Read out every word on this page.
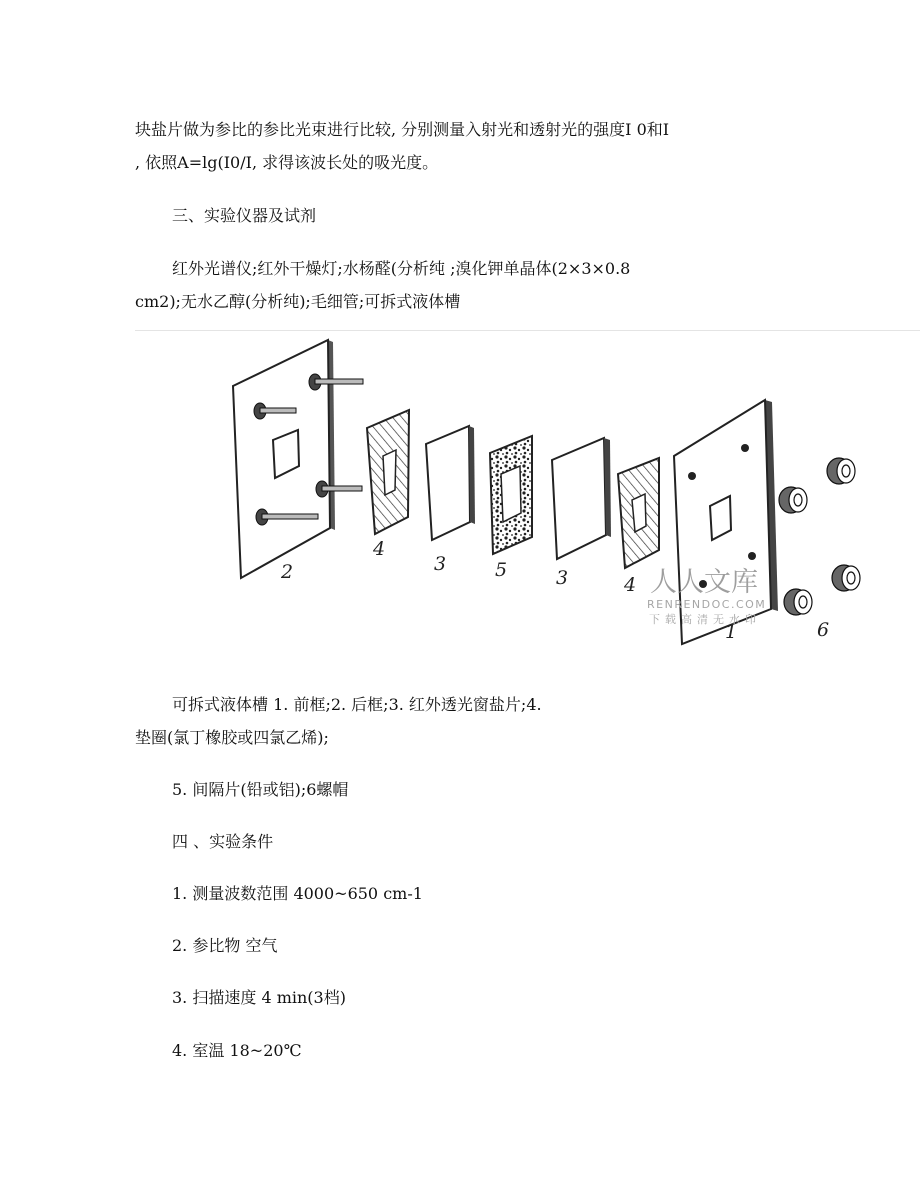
块盐片做为参比的参比光束进行比较, 分别测量入射光和透射光的强度I 0和I
, 依照A=lg(I0/I, 求得该波长处的吸光度。
三、实验仪器及试剂
红外光谱仪;红外干燥灯;水杨醛(分析纯 ;溴化钾单晶体(2×3×0.8
cm2);无水乙醇(分析纯);毛细管;可拆式液体槽
2
4
3	5	3	4
1	6
人人文库
RENRENDOC.COM
下载高清无水印
可拆式液体槽 1. 前框;2. 后框;3. 红外透光窗盐片;4.
垫圈(氯丁橡胶或四氯乙烯);
5. 间隔片(铅或铝);6螺帽
四 、实验条件
1. 测量波数范围 4000~650 cm-1
2. 参比物 空气
3. 扫描速度 4 min(3档)
4. 室温 18~20℃
